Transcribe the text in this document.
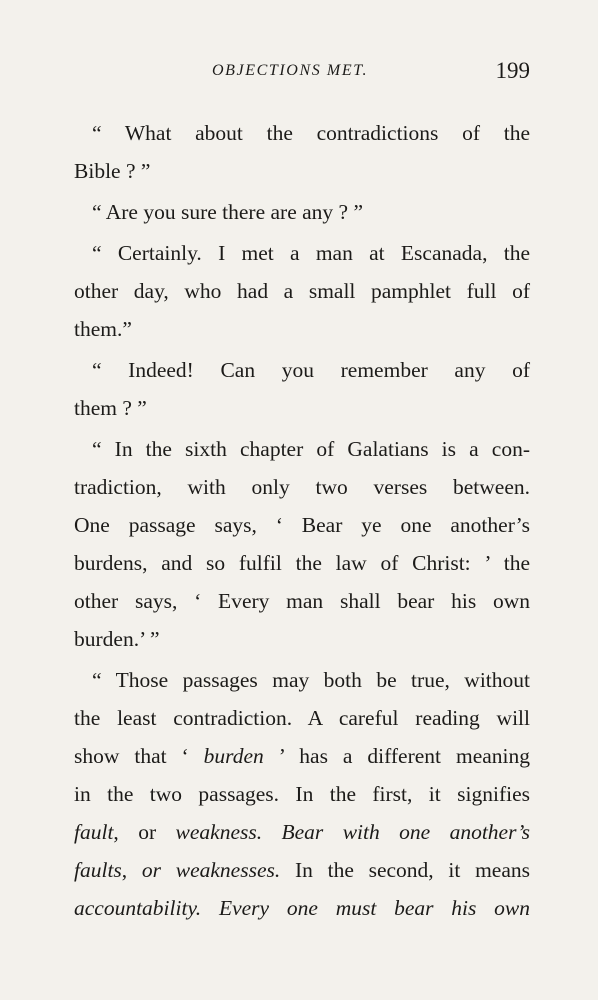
OBJECTIONS MET.	199
“ What about the contradictions of the
Bible ? ”
“ Are you sure there are any ? ”
“ Certainly. I met a man at Escanada, the
other day, who had a small pamphlet full of
them.”
“ Indeed! Can you remember any of
them ? ”
“ In the sixth chapter of Galatians is a con-
tradiction, with only two verses between.
One passage says, ‘ Bear ye one another’s
burdens, and so fulfil the law of Christ: ’ the
other says, ‘ Every man shall bear his own
burden.’ ”
“ Those passages may both be true, without
the least contradiction. A careful reading will
show that ‘ burden ’ has a different meaning
in the two passages. In the first, it signifies
fault, or weakness. Bear with one another’s
faults, or weaknesses. In the second, it means
accountability. Every one must bear his own
